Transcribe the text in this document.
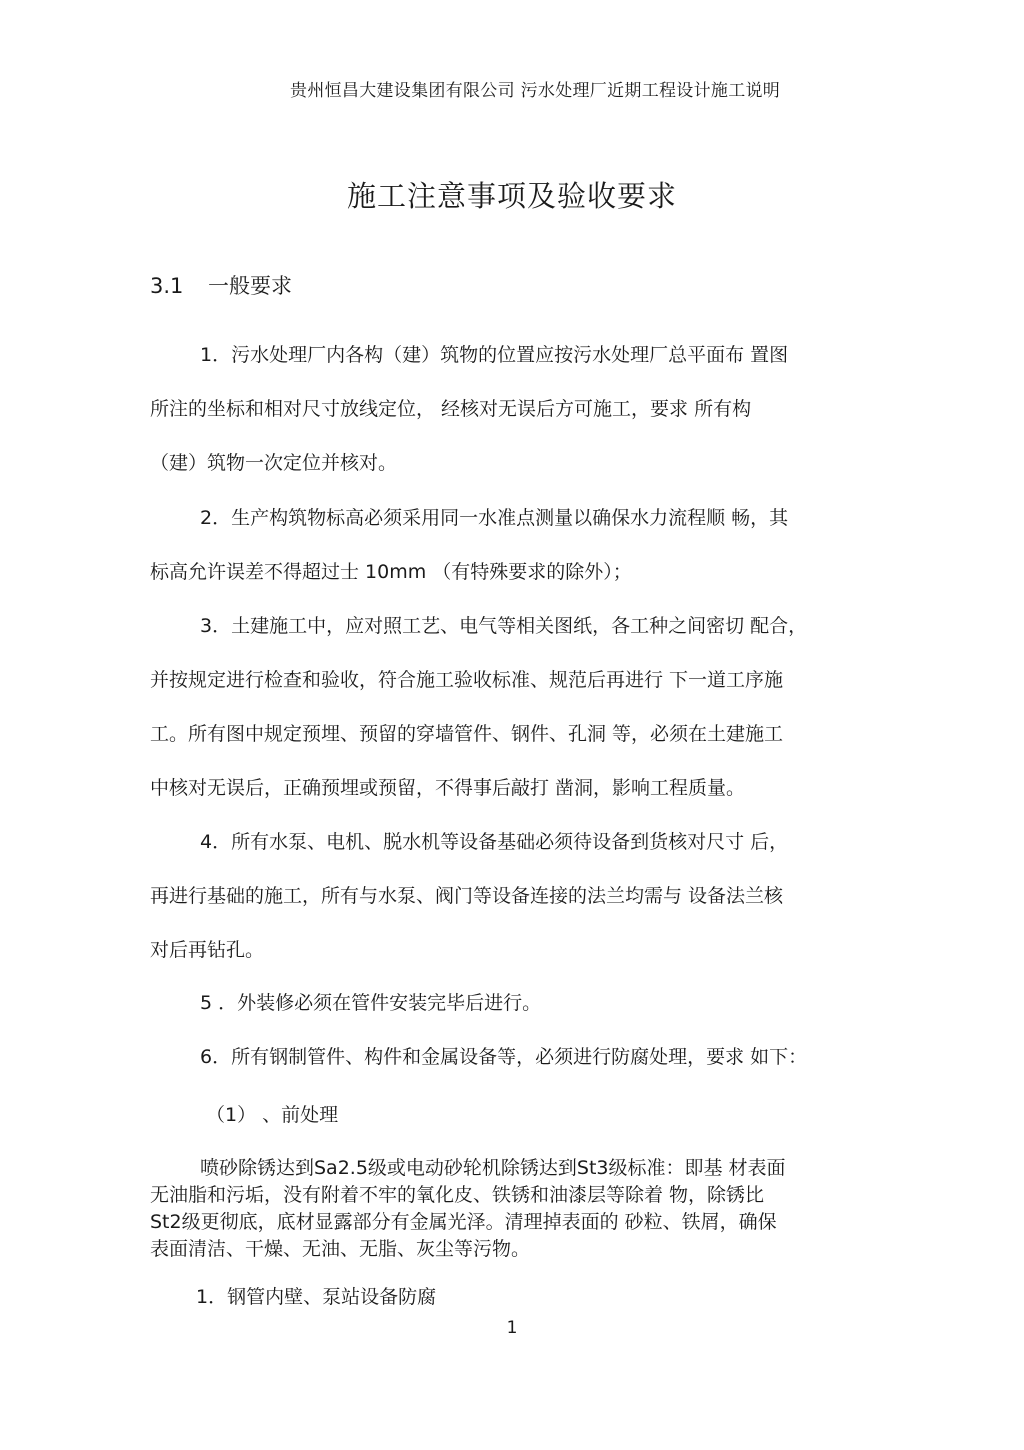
贵州恒昌大建设集团有限公司 污水处理厂近期工程设计施工说明
施工注意事项及验收要求
3.1 一般要求
1．污水处理厂内各构（建）筑物的位置应按污水处理厂总平面布 置图
所注的坐标和相对尺寸放线定位， 经核对无误后方可施工，要求 所有构
（建）筑物一次定位并核对。
2．生产构筑物标高必须采用同一水准点测量以确保水力流程顺 畅，其
标高允许误差不得超过士 10mm （有特殊要求的除外）；
3．土建施工中，应对照工艺、电气等相关图纸，各工种之间密切 配合，
并按规定进行检查和验收，符合施工验收标准、规范后再进行 下一道工序施
工。所有图中规定预埋、预留的穿墙管件、钢件、孔洞 等，必须在土建施工
中核对无误后，正确预埋或预留，不得事后敲打 凿洞，影响工程质量。
4．所有水泵、电机、脱水机等设备基础必须待设备到货核对尺寸 后，
再进行基础的施工，所有与水泵、阀门等设备连接的法兰均需与 设备法兰核
对后再钻孔。
5 ．外装修必须在管件安装完毕后进行。
6．所有钢制管件、构件和金属设备等，必须进行防腐处理，要求 如下：
（1） 、前处理
喷砂除锈达到Sa2.5级或电动砂轮机除锈达到St3级标准：即基 材表面
无油脂和污垢，没有附着不牢的氧化皮、铁锈和油漆层等除着 物，除锈比
St2级更彻底，底材显露部分有金属光泽。清理掉表面的 砂粒、铁屑，确保
表面清洁、干燥、无油、无脂、灰尘等污物。
1．钢管内壁、泵站设备防腐
1
